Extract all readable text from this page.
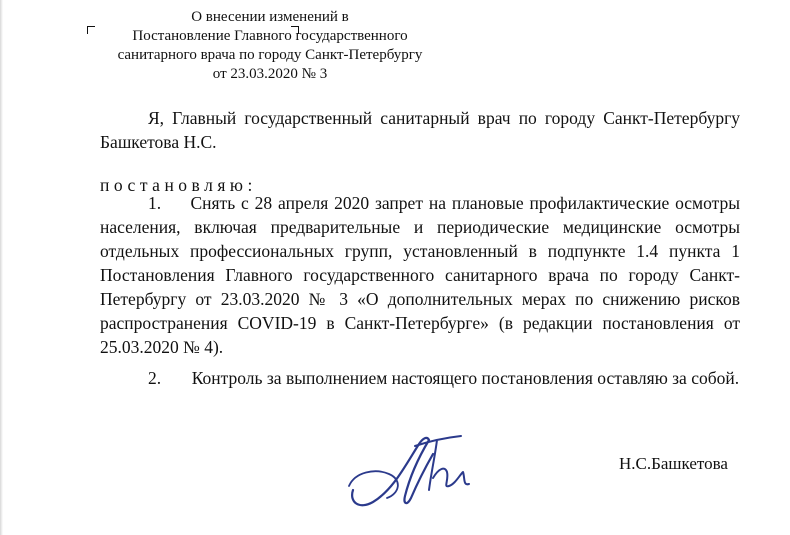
О внесении изменений в
Постановление Главного государственного
санитарного врача по городу Санкт-Петербургу
от 23.03.2020 № 3
Я, Главный государственный санитарный врач по городу Санкт-Петербургу Башкетова Н.С.
постановляю:
1. Снять с 28 апреля 2020 запрет на плановые профилактические осмотры населения, включая предварительные и периодические медицинские осмотры отдельных профессиональных групп, установленный в подпункте 1.4 пункта 1 Постановления Главного государственного санитарного врача по городу Санкт-Петербургу от 23.03.2020 № 3 «О дополнительных мерах по снижению рисков распространения COVID-19 в Санкт-Петербурге» (в редакции постановления от 25.03.2020 № 4).
2. Контроль за выполнением настоящего постановления оставляю за собой.
Н.С.Башкетова
